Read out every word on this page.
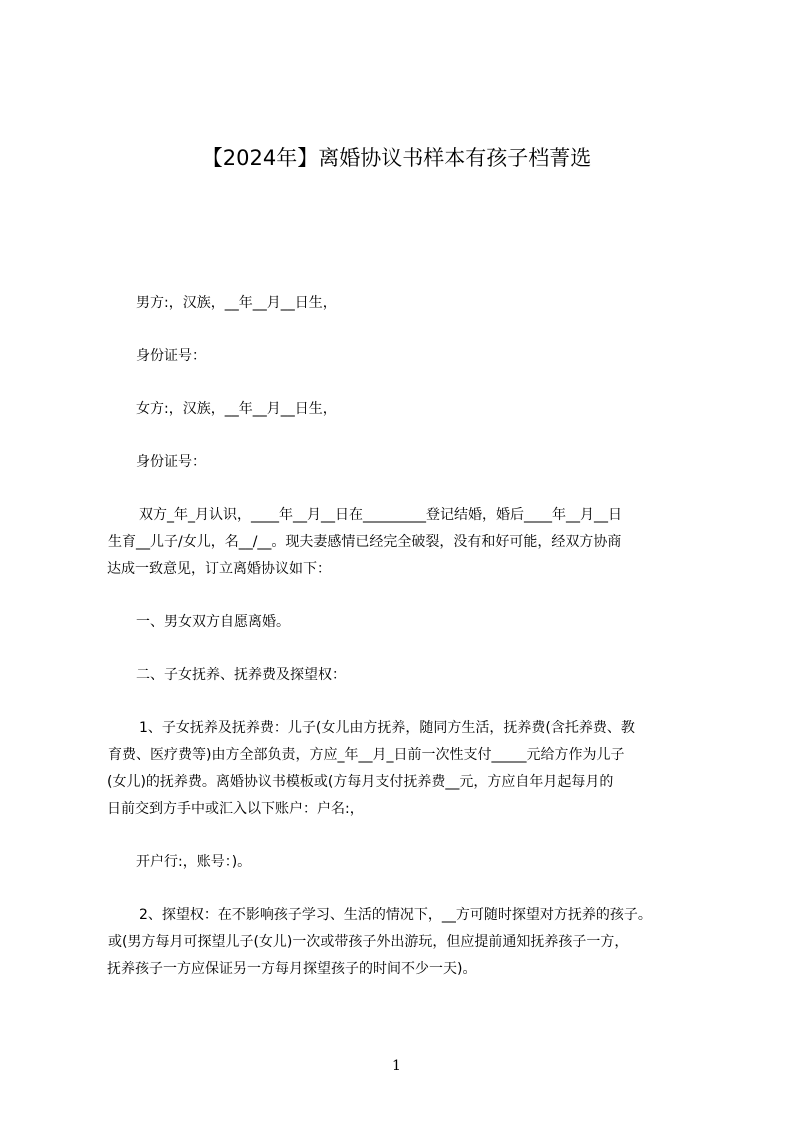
【2024年】离婚协议书样本有孩子档菁选
男方:，汉族，__年__月__日生，
身份证号：
女方:，汉族，__年__月__日生，
身份证号：
双方_年_月认识，____年__月__日在_________登记结婚，婚后____年__月__日
生育__儿子/女儿，名__/__。现夫妻感情已经完全破裂，没有和好可能，经双方协商
达成一致意见，订立离婚协议如下：
一、男女双方自愿离婚。
二、子女抚养、抚养费及探望权：
1、子女抚养及抚养费：儿子(女儿由方抚养，随同方生活，抚养费(含托养费、教
育费、医疗费等)由方全部负责，方应_年__月_日前一次性支付_____元给方作为儿子
(女儿)的抚养费。离婚协议书模板或(方每月支付抚养费__元，方应自年月起每月的
日前交到方手中或汇入以下账户：户名:，
开户行:，账号：)。
2、探望权：在不影响孩子学习、生活的情况下，__方可随时探望对方抚养的孩子。
或(男方每月可探望儿子(女儿)一次或带孩子外出游玩，但应提前通知抚养孩子一方，
抚养孩子一方应保证另一方每月探望孩子的时间不少一天)。
1
